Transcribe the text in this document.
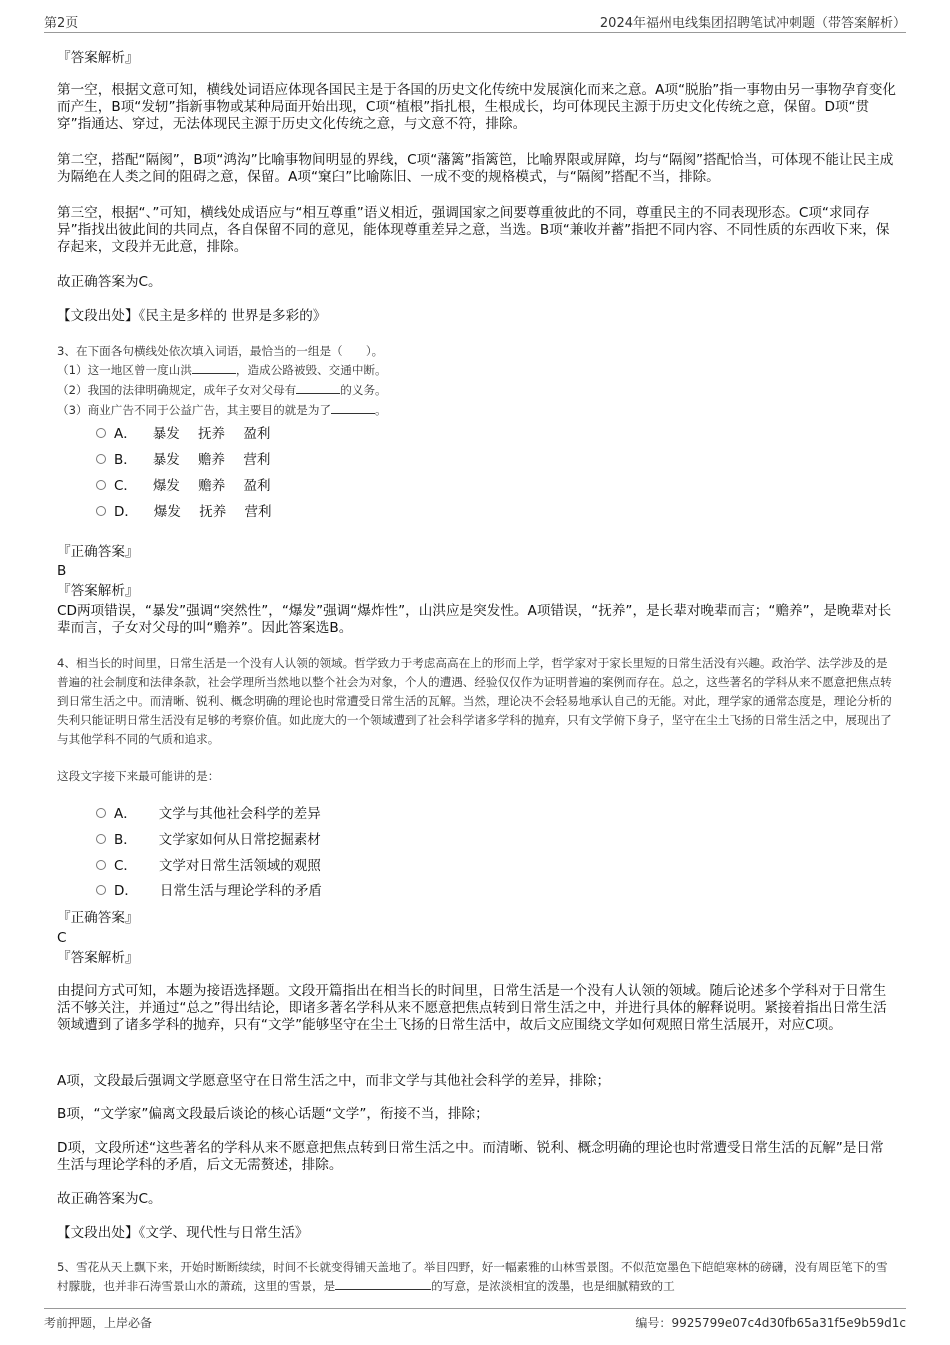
第2页	2024年福州电线集团招聘笔试冲刺题（带答案解析）
『答案解析』
第一空，根据文意可知，横线处词语应体现各国民主是于各国的历史文化传统中发展演化而来之意。A项“脱胎”指一事物由另一事物孕育变化而产生，B项“发轫”指新事物或某种局面开始出现，C项“植根”指扎根，生根成长，均可体现民主源于历史文化传统之意，保留。D项“贯穿”指通达、穿过，无法体现民主源于历史文化传统之意，与文意不符，排除。
第二空，搭配“隔阂”，B项“鸿沟”比喻事物间明显的界线，C项“藩篱”指篱笆，比喻界限或屏障，均与“隔阂”搭配恰当，可体现不能让民主成为隔绝在人类之间的阻碍之意，保留。A项“窠臼”比喻陈旧、一成不变的规格模式，与“隔阂”搭配不当，排除。
第三空，根据“、”可知，横线处成语应与“相互尊重”语义相近，强调国家之间要尊重彼此的不同，尊重民主的不同表现形态。C项“求同存异”指找出彼此间的共同点，各自保留不同的意见，能体现尊重差异之意，当选。B项“兼收并蓄”指把不同内容、不同性质的东西收下来，保存起来，文段并无此意，排除。
故正确答案为C。
【文段出处】《民主是多样的 世界是多彩的》
3、在下面各句横线处依次填入词语，最恰当的一组是（　　）。
（1）这一地区曾一度山洪	，造成公路被毁、交通中断。
（2）我国的法律明确规定，成年子女对父母有	的义务。
（3）商业广告不同于公益广告，其主要目的就是为了	。
A． 暴发 抚养 盈利
B． 暴发 赡养 营利
C． 爆发 赡养 盈利
D． 爆发 抚养 营利
『正确答案』
B
『答案解析』
CD两项错误，“暴发”强调“突然性”，“爆发”强调“爆炸性”，山洪应是突发性。A项错误，“抚养”，是长辈对晚辈而言；“赡养”，是晚辈对长辈而言，子女对父母的叫“赡养”。因此答案选B。
4、相当长的时间里，日常生活是一个没有人认领的领域。哲学致力于考虑高高在上的形而上学，哲学家对于家长里短的日常生活没有兴趣。政治学、法学涉及的是普遍的社会制度和法律条款，社会学理所当然地以整个社会为对象，个人的遭遇、经验仅仅作为证明普遍的案例而存在。总之，这些著名的学科从来不愿意把焦点转到日常生活之中。而清晰、锐利、概念明确的理论也时常遭受日常生活的瓦解。当然，理论决不会轻易地承认自己的无能。对此，理学家的通常态度是，理论分析的失利只能证明日常生活没有足够的考察价值。如此庞大的一个领域遭到了社会科学诸多学科的抛弃，只有文学俯下身子，坚守在尘土飞扬的日常生活之中，展现出了与其他学科不同的气质和追求。
这段文字接下来最可能讲的是：
A． 文学与其他社会科学的差异
B． 文学家如何从日常挖掘素材
C． 文学对日常生活领域的观照
D． 日常生活与理论学科的矛盾
『正确答案』
C
『答案解析』
由提问方式可知，本题为接语选择题。文段开篇指出在相当长的时间里，日常生活是一个没有人认领的领域。随后论述多个学科对于日常生活不够关注，并通过“总之”得出结论，即诸多著名学科从来不愿意把焦点转到日常生活之中，并进行具体的解释说明。紧接着指出日常生活领域遭到了诸多学科的抛弃，只有“文学”能够坚守在尘土飞扬的日常生活中，故后文应围绕文学如何观照日常生活展开，对应C项。
A项，文段最后强调文学愿意坚守在日常生活之中，而非文学与其他社会科学的差异，排除；
B项，“文学家”偏离文段最后谈论的核心话题“文学”，衔接不当，排除；
D项，文段所述“这些著名的学科从来不愿意把焦点转到日常生活之中。而清晰、锐利、概念明确的理论也时常遭受日常生活的瓦解”是日常生活与理论学科的矛盾，后文无需赘述，排除。
故正确答案为C。
【文段出处】《文学、现代性与日常生活》
5、雪花从天上飘下来，开始时断断续续，时间不长就变得铺天盖地了。举目四野，好一幅素雅的山林雪景图。不似范宽墨色下皑皑寒林的磅礴，没有周臣笔下的雪村朦胧，也并非石涛雪景山水的萧疏，这里的雪景，是	的写意，是浓淡相宜的泼墨，也是细腻精致的工
考前押题，上岸必备	编号：9925799e07c4d30fb65a31f5e9b59d1c
